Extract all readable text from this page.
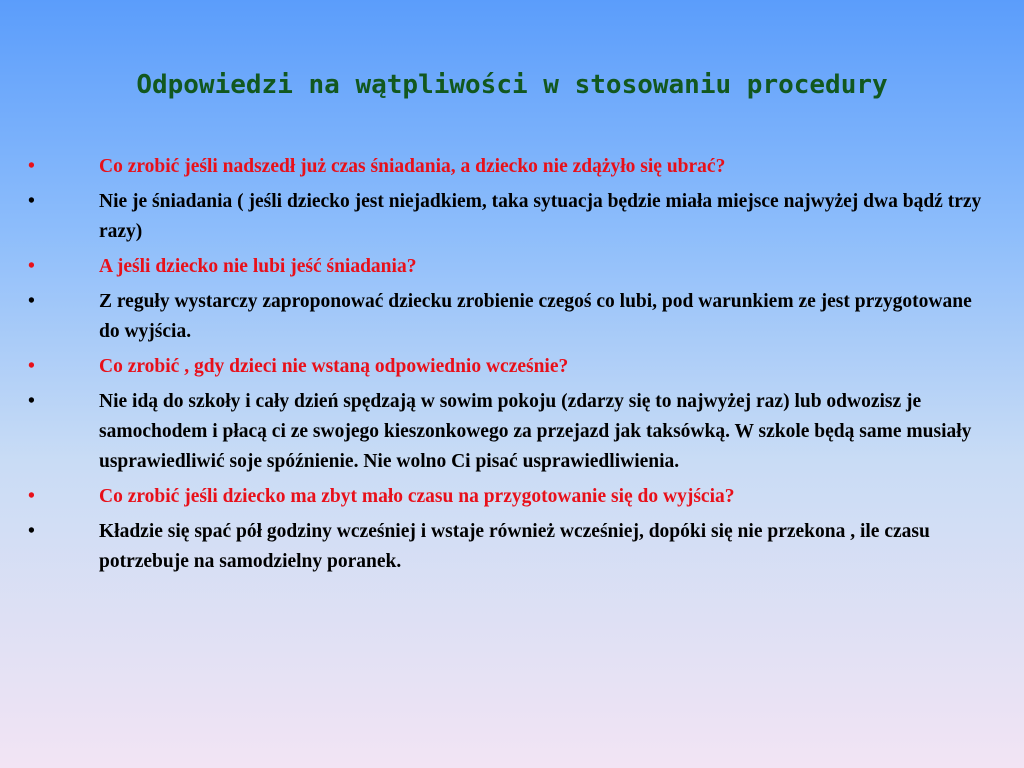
Odpowiedzi na wątpliwości w stosowaniu procedury
•	Co zrobić jeśli nadszedł już czas śniadania, a dziecko nie zdążyło się ubrać?
•	Nie je śniadania ( jeśli dziecko jest niejadkiem, taka sytuacja będzie miała miejsce najwyżej dwa bądź trzy razy)
•	A jeśli dziecko nie lubi jeść śniadania?
•	Z reguły wystarczy zaproponować dziecku zrobienie czegoś co lubi, pod warunkiem ze jest przygotowane do wyjścia.
•	Co zrobić , gdy dzieci nie wstaną odpowiednio wcześnie?
•	Nie idą do szkoły i cały dzień spędzają w sowim pokoju (zdarzy się to najwyżej raz) lub odwozisz je samochodem i płacą ci ze swojego kieszonkowego za przejazd jak taksówką. W szkole będą same musiały usprawiedliwić soje spóźnienie. Nie wolno Ci pisać usprawiedliwienia.
•	Co zrobić jeśli dziecko ma zbyt mało czasu na przygotowanie się do wyjścia?
•	Kładzie się spać pół godziny wcześniej i wstaje również wcześniej, dopóki się nie przekona , ile czasu potrzebuje na samodzielny poranek.
